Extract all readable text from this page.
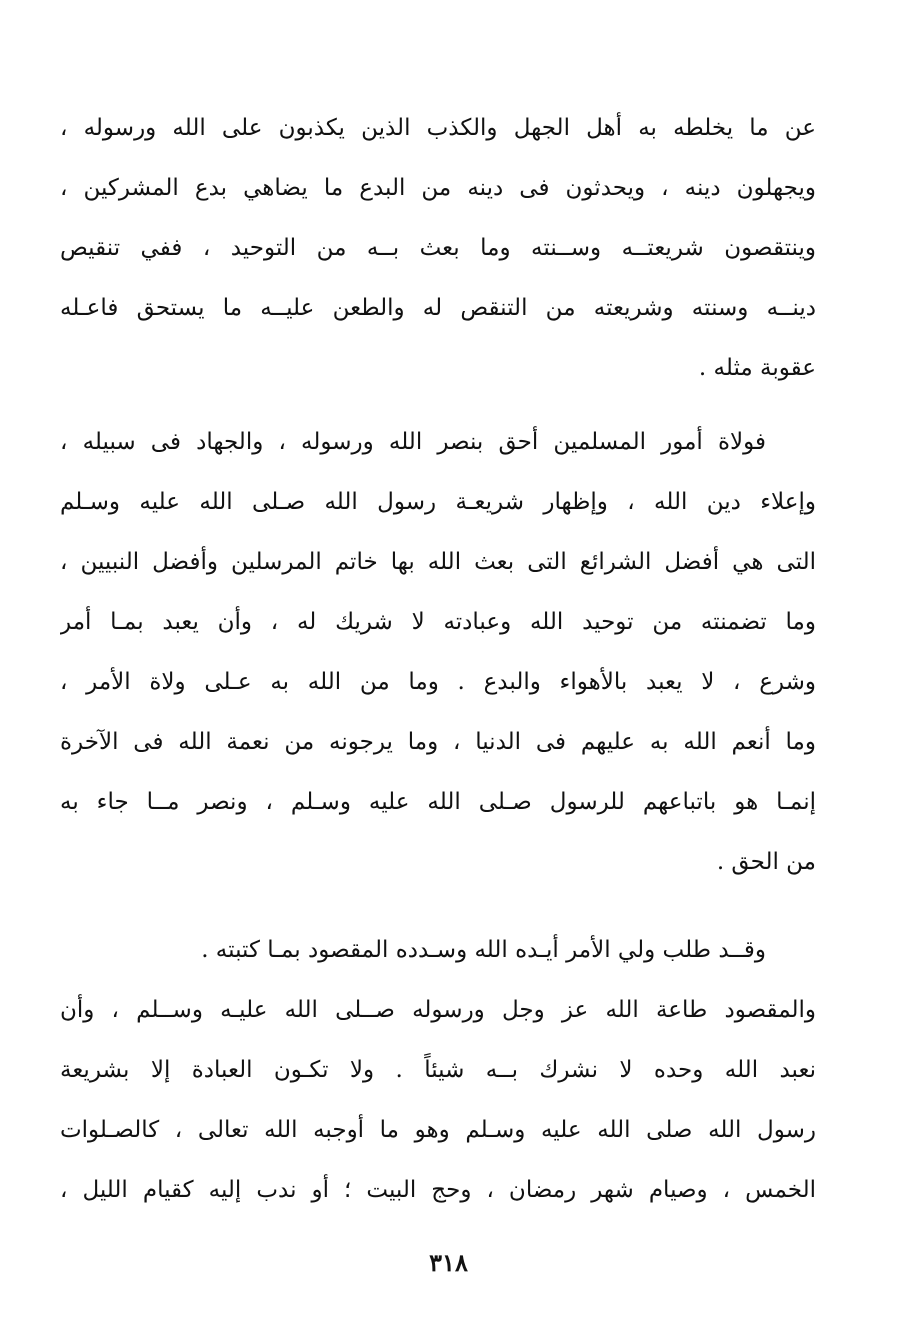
عن ما يخلطه به أهل الجهل والكذب الذين يكذبون على الله ورسوله ،
ويجهلون دينه ، ويحدثون فى دينه من البدع ما يضاهي بدع المشركين ،
وينتقصون شريعتــه وســنته وما بعث بــه من التوحيد ، ففي تنقيص
دينــه وسنته وشريعته من التنقص له والطعن عليــه ما يستحق فاعـله
عقوبة مثله .
فولاة أمور المسلمين أحق بنصر الله ورسوله ، والجهاد فى سبيله ،
وإعلاء دين الله ، وإظهار شريعـة رسول الله صـلى الله عليه وسـلم
التى هي أفضل الشرائع التى بعث الله بها خاتم المرسلين وأفضل النبيين ،
وما تضمنته من توحيد الله وعبادته لا شريك له ، وأن يعبد بمـا أمر
وشرع ، لا يعبد بالأهواء والبدع . وما من الله به عـلى ولاة الأمر ،
وما أنعم الله به عليهم فى الدنيا ، وما يرجونه من نعمة الله فى الآخرة
إنمـا هو باتباعهم للرسول صـلى الله عليه وسـلم ، ونصر مــا جاء به
من الحق .
وقــد طلب ولي الأمر أيـده الله وسـدده المقصود بمـا كتبته .
والمقصود طاعة الله عز وجل ورسوله صــلى الله عليـه وســلم ، وأن
نعبد الله وحده لا نشرك بــه شيئاً . ولا تكـون العبادة إلا بشريعة
رسول الله صلى الله عليه وسـلم وهو ما أوجبه الله تعالى ، كالصـلوات
الخمس ، وصيام شهر رمضان ، وحج البيت ؛ أو ندب إليه كقيام الليل ،
٣١٨
